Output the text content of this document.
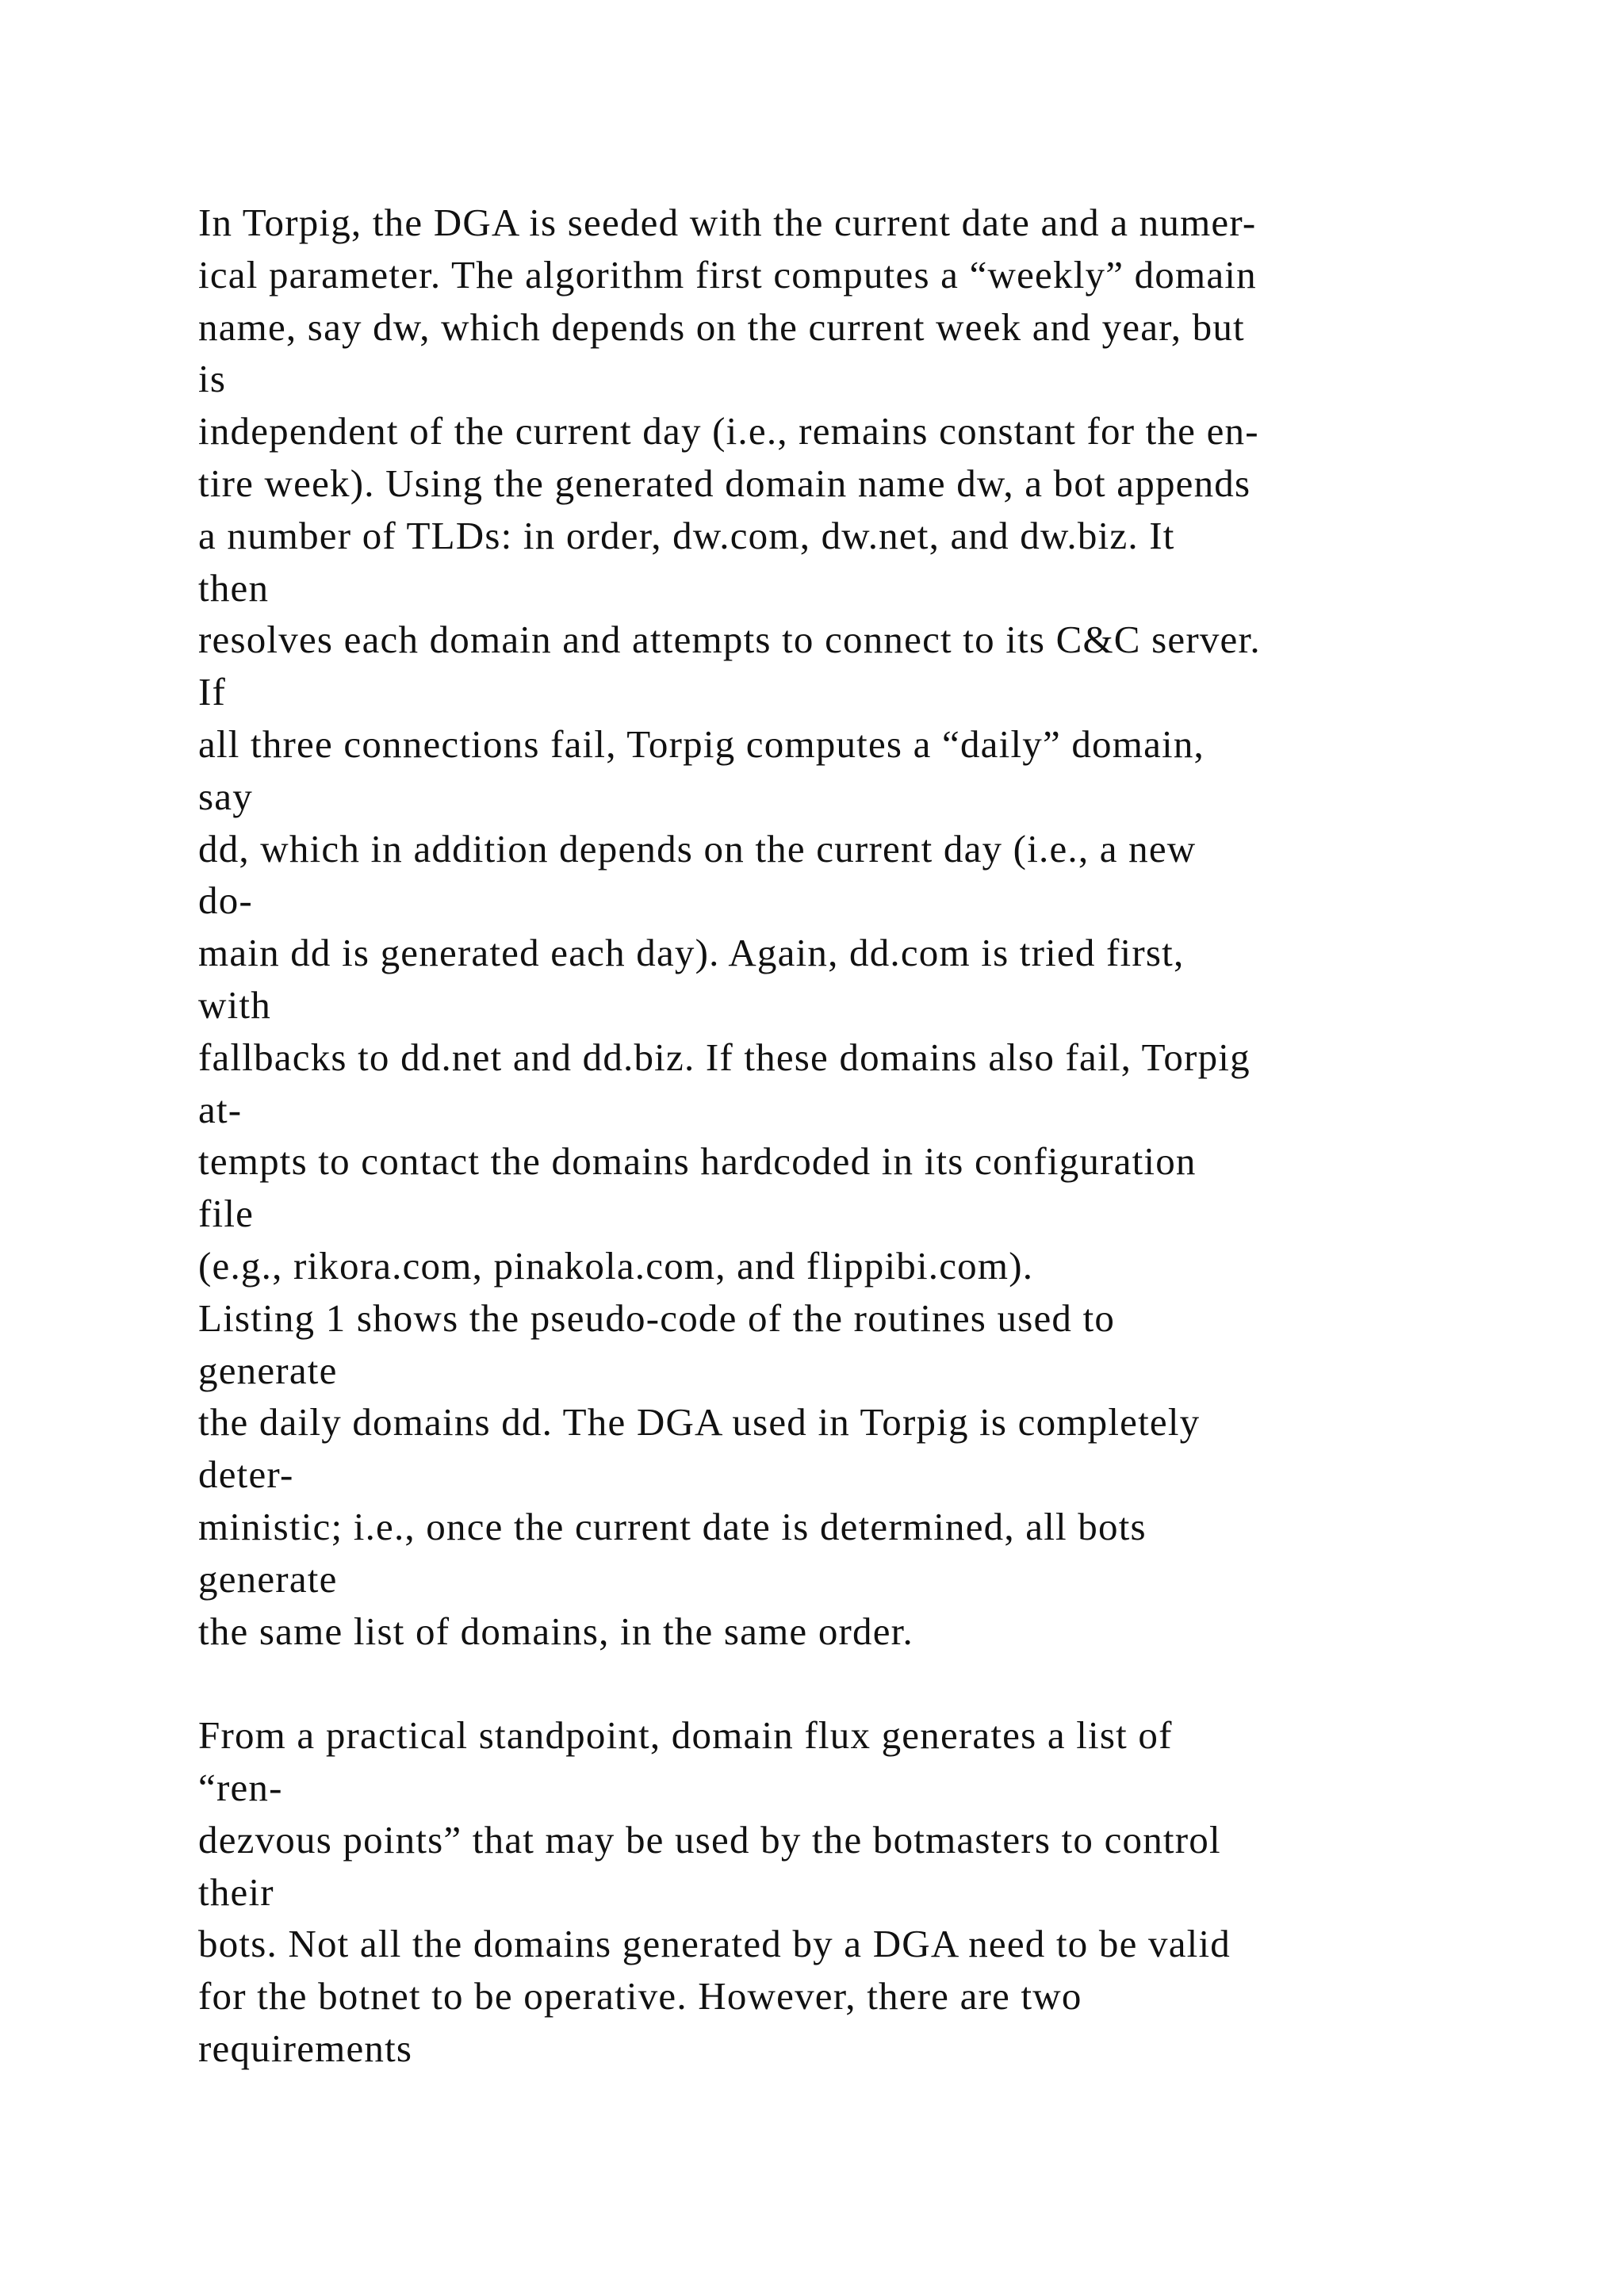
In Torpig, the DGA is seeded with the current date and a numer-
ical parameter. The algorithm first computes a “weekly” domain
name, say dw, which depends on the current week and year, but
is
independent of the current day (i.e., remains constant for the en-
tire week). Using the generated domain name dw, a bot appends
a number of TLDs: in order, dw.com, dw.net, and dw.biz. It
then
resolves each domain and attempts to connect to its C&C server.
If
all three connections fail, Torpig computes a “daily” domain,
say
dd, which in addition depends on the current day (i.e., a new
do-
main dd is generated each day). Again, dd.com is tried first,
with
fallbacks to dd.net and dd.biz. If these domains also fail, Torpig
at-
tempts to contact the domains hardcoded in its configuration
file
(e.g., rikora.com, pinakola.com, and flippibi.com).
Listing 1 shows the pseudo-code of the routines used to
generate
the daily domains dd. The DGA used in Torpig is completely
deter-
ministic; i.e., once the current date is determined, all bots
generate
the same list of domains, in the same order.
From a practical standpoint, domain flux generates a list of
“ren-
dezvous points” that may be used by the botmasters to control
their
bots. Not all the domains generated by a DGA need to be valid
for the botnet to be operative. However, there are two
requirements
